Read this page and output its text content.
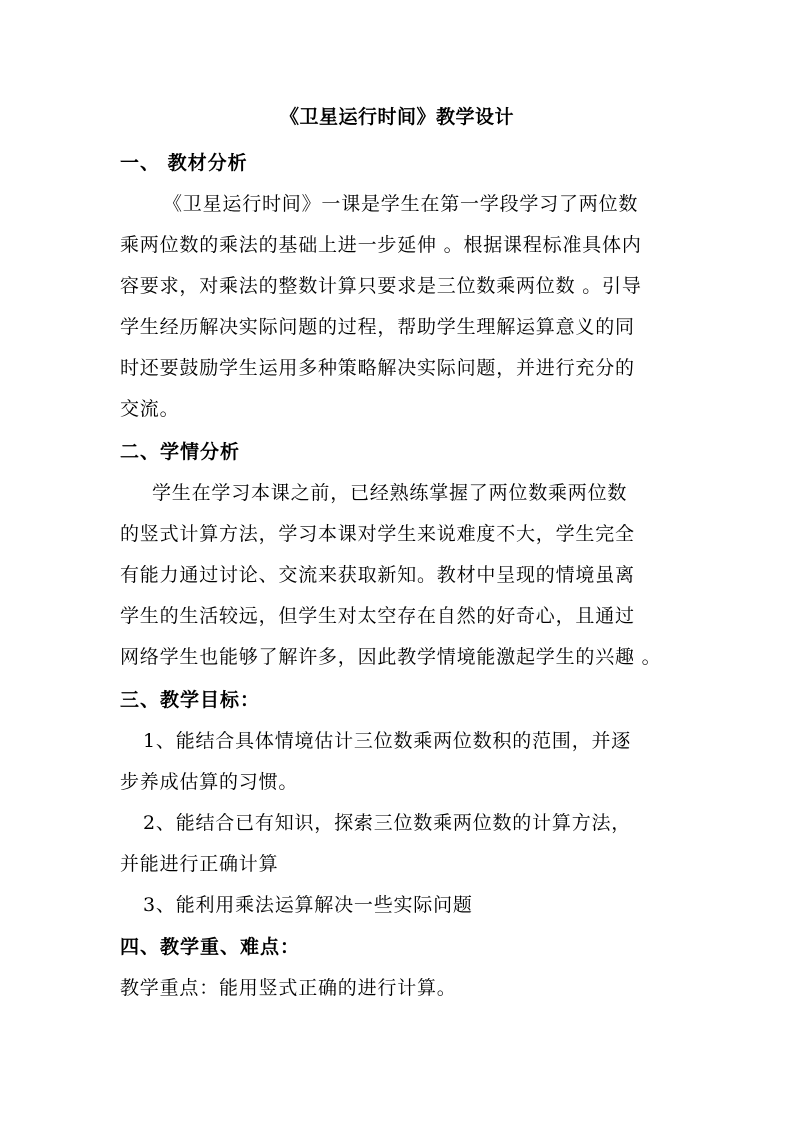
《卫星运行时间》教学设计
一、 教材分析
《卫星运行时间》一课是学生在第一学段学习了两位数
乘两位数的乘法的基础上进一步延伸 。根据课程标准具体内
容要求，对乘法的整数计算只要求是三位数乘两位数 。引导
学生经历解决实际问题的过程，帮助学生理解运算意义的同
时还要鼓励学生运用多种策略解决实际问题，并进行充分的
交流。
二、学情分析
学生在学习本课之前，已经熟练掌握了两位数乘两位数
的竖式计算方法，学习本课对学生来说难度不大，学生完全
有能力通过讨论、交流来获取新知。教材中呈现的情境虽离
学生的生活较远，但学生对太空存在自然的好奇心，且通过
网络学生也能够了解许多，因此教学情境能激起学生的兴趣 。
三、教学目标：
1、能结合具体情境估计三位数乘两位数积的范围，并逐
步养成估算的习惯。
2、能结合已有知识，探索三位数乘两位数的计算方法，
并能进行正确计算
3、能利用乘法运算解决一些实际问题
四、教学重、难点：
教学重点：能用竖式正确的进行计算。
